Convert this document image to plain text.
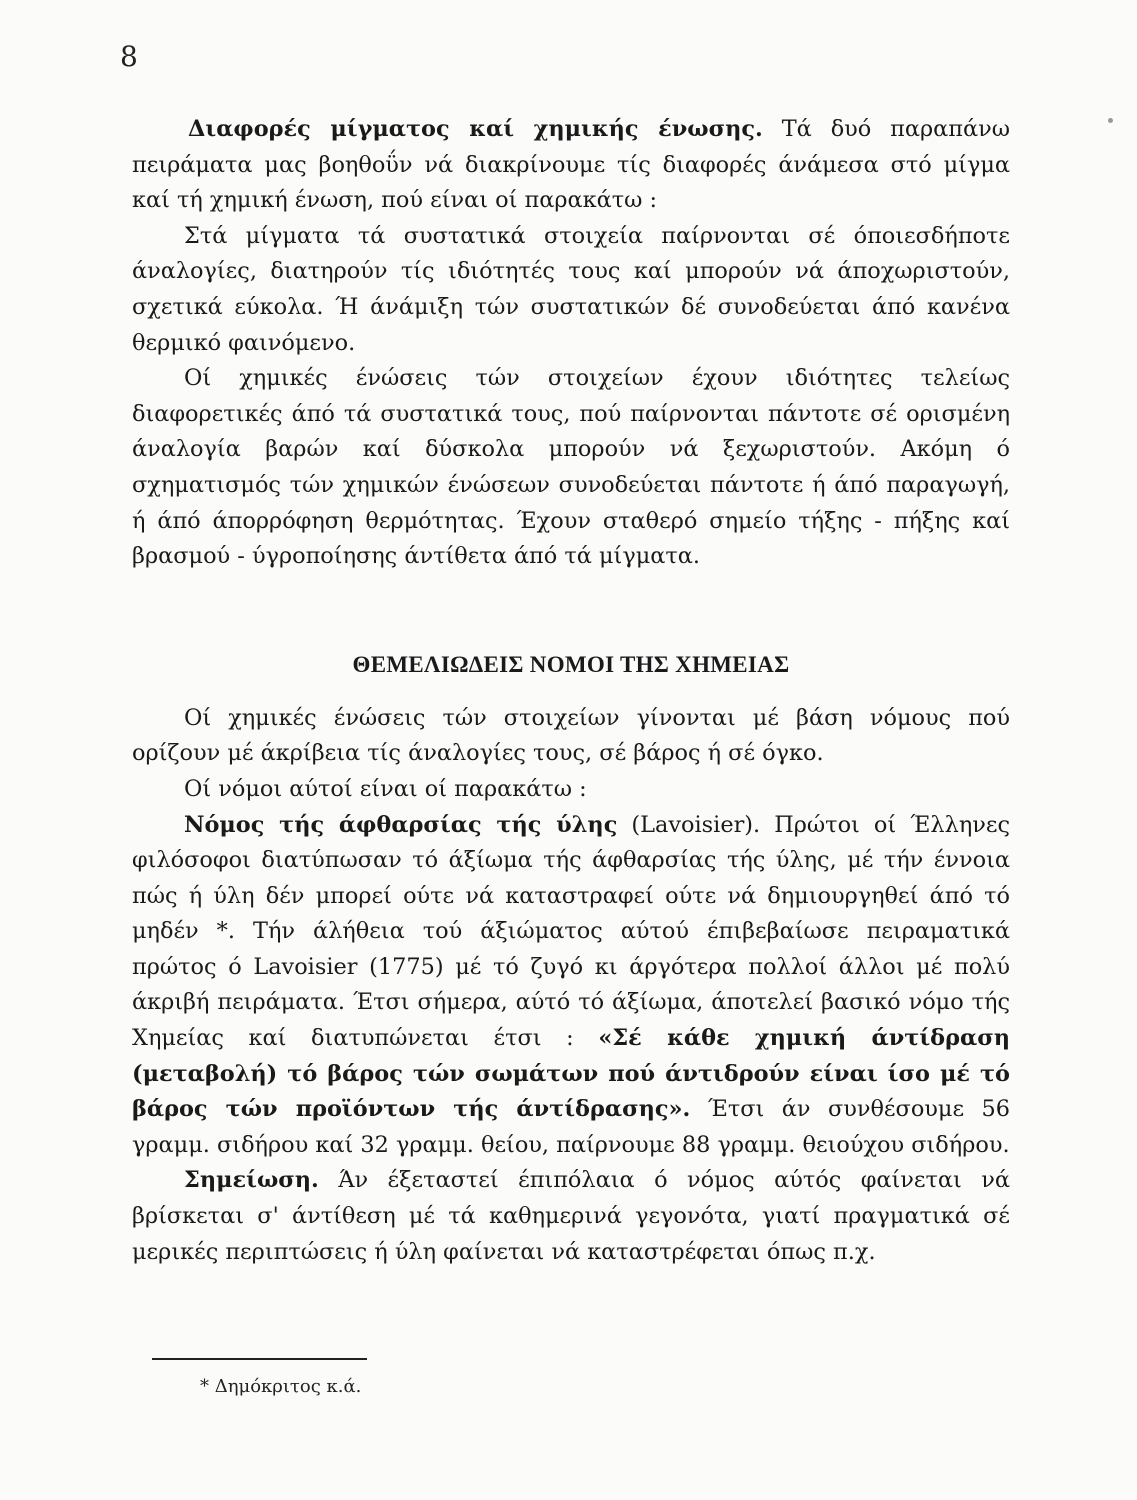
8

Διαφορές μίγματος καί χημικής ένωσης. Τά δυό παραπάνω πειράματα μας βοηθοΰν νά διακρίνουμε τίς διαφορές άνάμεσα στό μίγμα καί τή χημική ένωση, πού είναι οί παρακάτω :

Στά μίγματα τά συστατικά στοιχεία παίρνονται σέ όποιεσδήποτε άναλογίες, διατηρούν τίς ιδιότητές τους καί μπορούν νά άποχωριστούν, σχετικά εύκολα. Ή άνάμιξη τών συστατικών δέ συνοδεύεται άπό κανένα θερμικό φαινόμενο.

Οί χημικές ένώσεις τών στοιχείων έχουν ιδιότητες τελείως διαφορετικές άπό τά συστατικά τους, πού παίρνονται πάντοτε σέ ορισμένη άναλογία βαρών καί δύσκολα μπορούν νά ξεχωριστούν. Ακόμη ό σχηματισμός τών χημικών ένώσεων συνοδεύεται πάντοτε ή άπό παραγωγή, ή άπό άπορρόφηση θερμότητας. Έχουν σταθερό σημείο τήξης - πήξης καί βρασμού - ύγροποίησης άντίθετα άπό τά μίγματα.

ΘΕΜΕΛΙΩΔΕΙΣ ΝΟΜΟΙ ΤΗΣ ΧΗΜΕΙΑΣ

Οί χημικές ένώσεις τών στοιχείων γίνονται μέ βάση νόμους πού ορίζουν μέ άκρίβεια τίς άναλογίες τους, σέ βάρος ή σέ όγκο.

Οί νόμοι αύτοί είναι οί παρακάτω :

Νόμος τής άφθαρσίας τής ύλης (Lavoisier). Πρώτοι οί Έλληνες φιλόσοφοι διατύπωσαν τό άξίωμα τής άφθαρσίας τής ύλης, μέ τήν έννοια πώς ή ύλη δέν μπορεί ούτε νά καταστραφεί ούτε νά δημιουργηθεί άπό τό μηδέν *. Τήν άλήθεια τού άξιώματος αύτού έπιβεβαίωσε πειραματικά πρώτος ό Lavoisier (1775) μέ τό ζυγό κι άργότερα πολλοί άλλοι μέ πολύ άκριβή πειράματα. Έτσι σήμερα, αύτό τό άξίωμα, άποτελεί βασικό νόμο τής Χημείας καί διατυπώνεται έτσι : «Σέ κάθε χημική άντίδραση (μεταβολή) τό βάρος τών σωμάτων πού άντιδρούν είναι ίσο μέ τό βάρος τών προϊόντων τής άντίδρασης». Έτσι άν συνθέσουμε 56 γραμμ. σιδήρου καί 32 γραμμ. θείου, παίρνουμε 88 γραμμ. θειούχου σιδήρου.

Σημείωση. Άν έξεταστεί έπιπόλαια ό νόμος αύτός φαίνεται νά βρίσκεται σ' άντίθεση μέ τά καθημερινά γεγονότα, γιατί πραγματικά σέ μερικές περιπτώσεις ή ύλη φαίνεται νά καταστρέφεται όπως π.χ.

* Δημόκριτος κ.ά.
